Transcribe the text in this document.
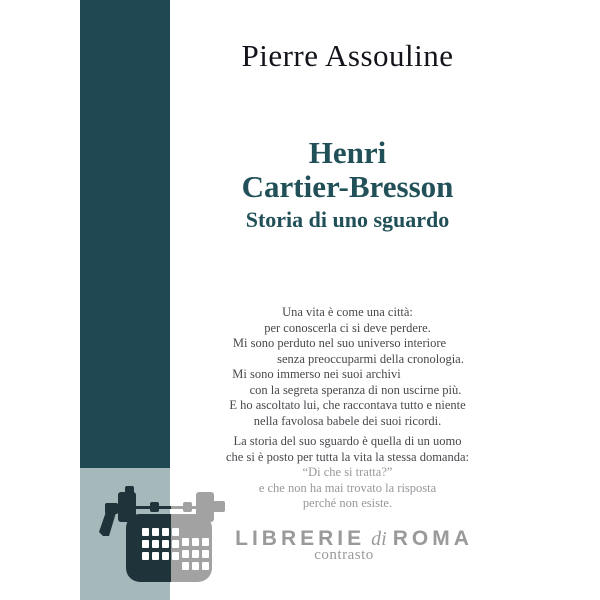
Pierre Assouline
Henri
Cartier-Bresson
Storia di uno sguardo
Una vita è come una città:
per conoscerla ci si deve perdere.
Mi sono perduto nel suo universo interiore
senza preoccuparmi della cronologia.
Mi sono immerso nei suoi archivi
con la segreta speranza di non uscirne più.
E ho ascoltato lui, che raccontava tutto e niente
nella favolosa babele dei suoi ricordi.
La storia del suo sguardo è quella di un uomo
che si è posto per tutta la vita la stessa domanda:
“Di che si tratta?”
e che non ha mai trovato la risposta
perché non esiste.
LIBRERIE di ROMA
contrasto
